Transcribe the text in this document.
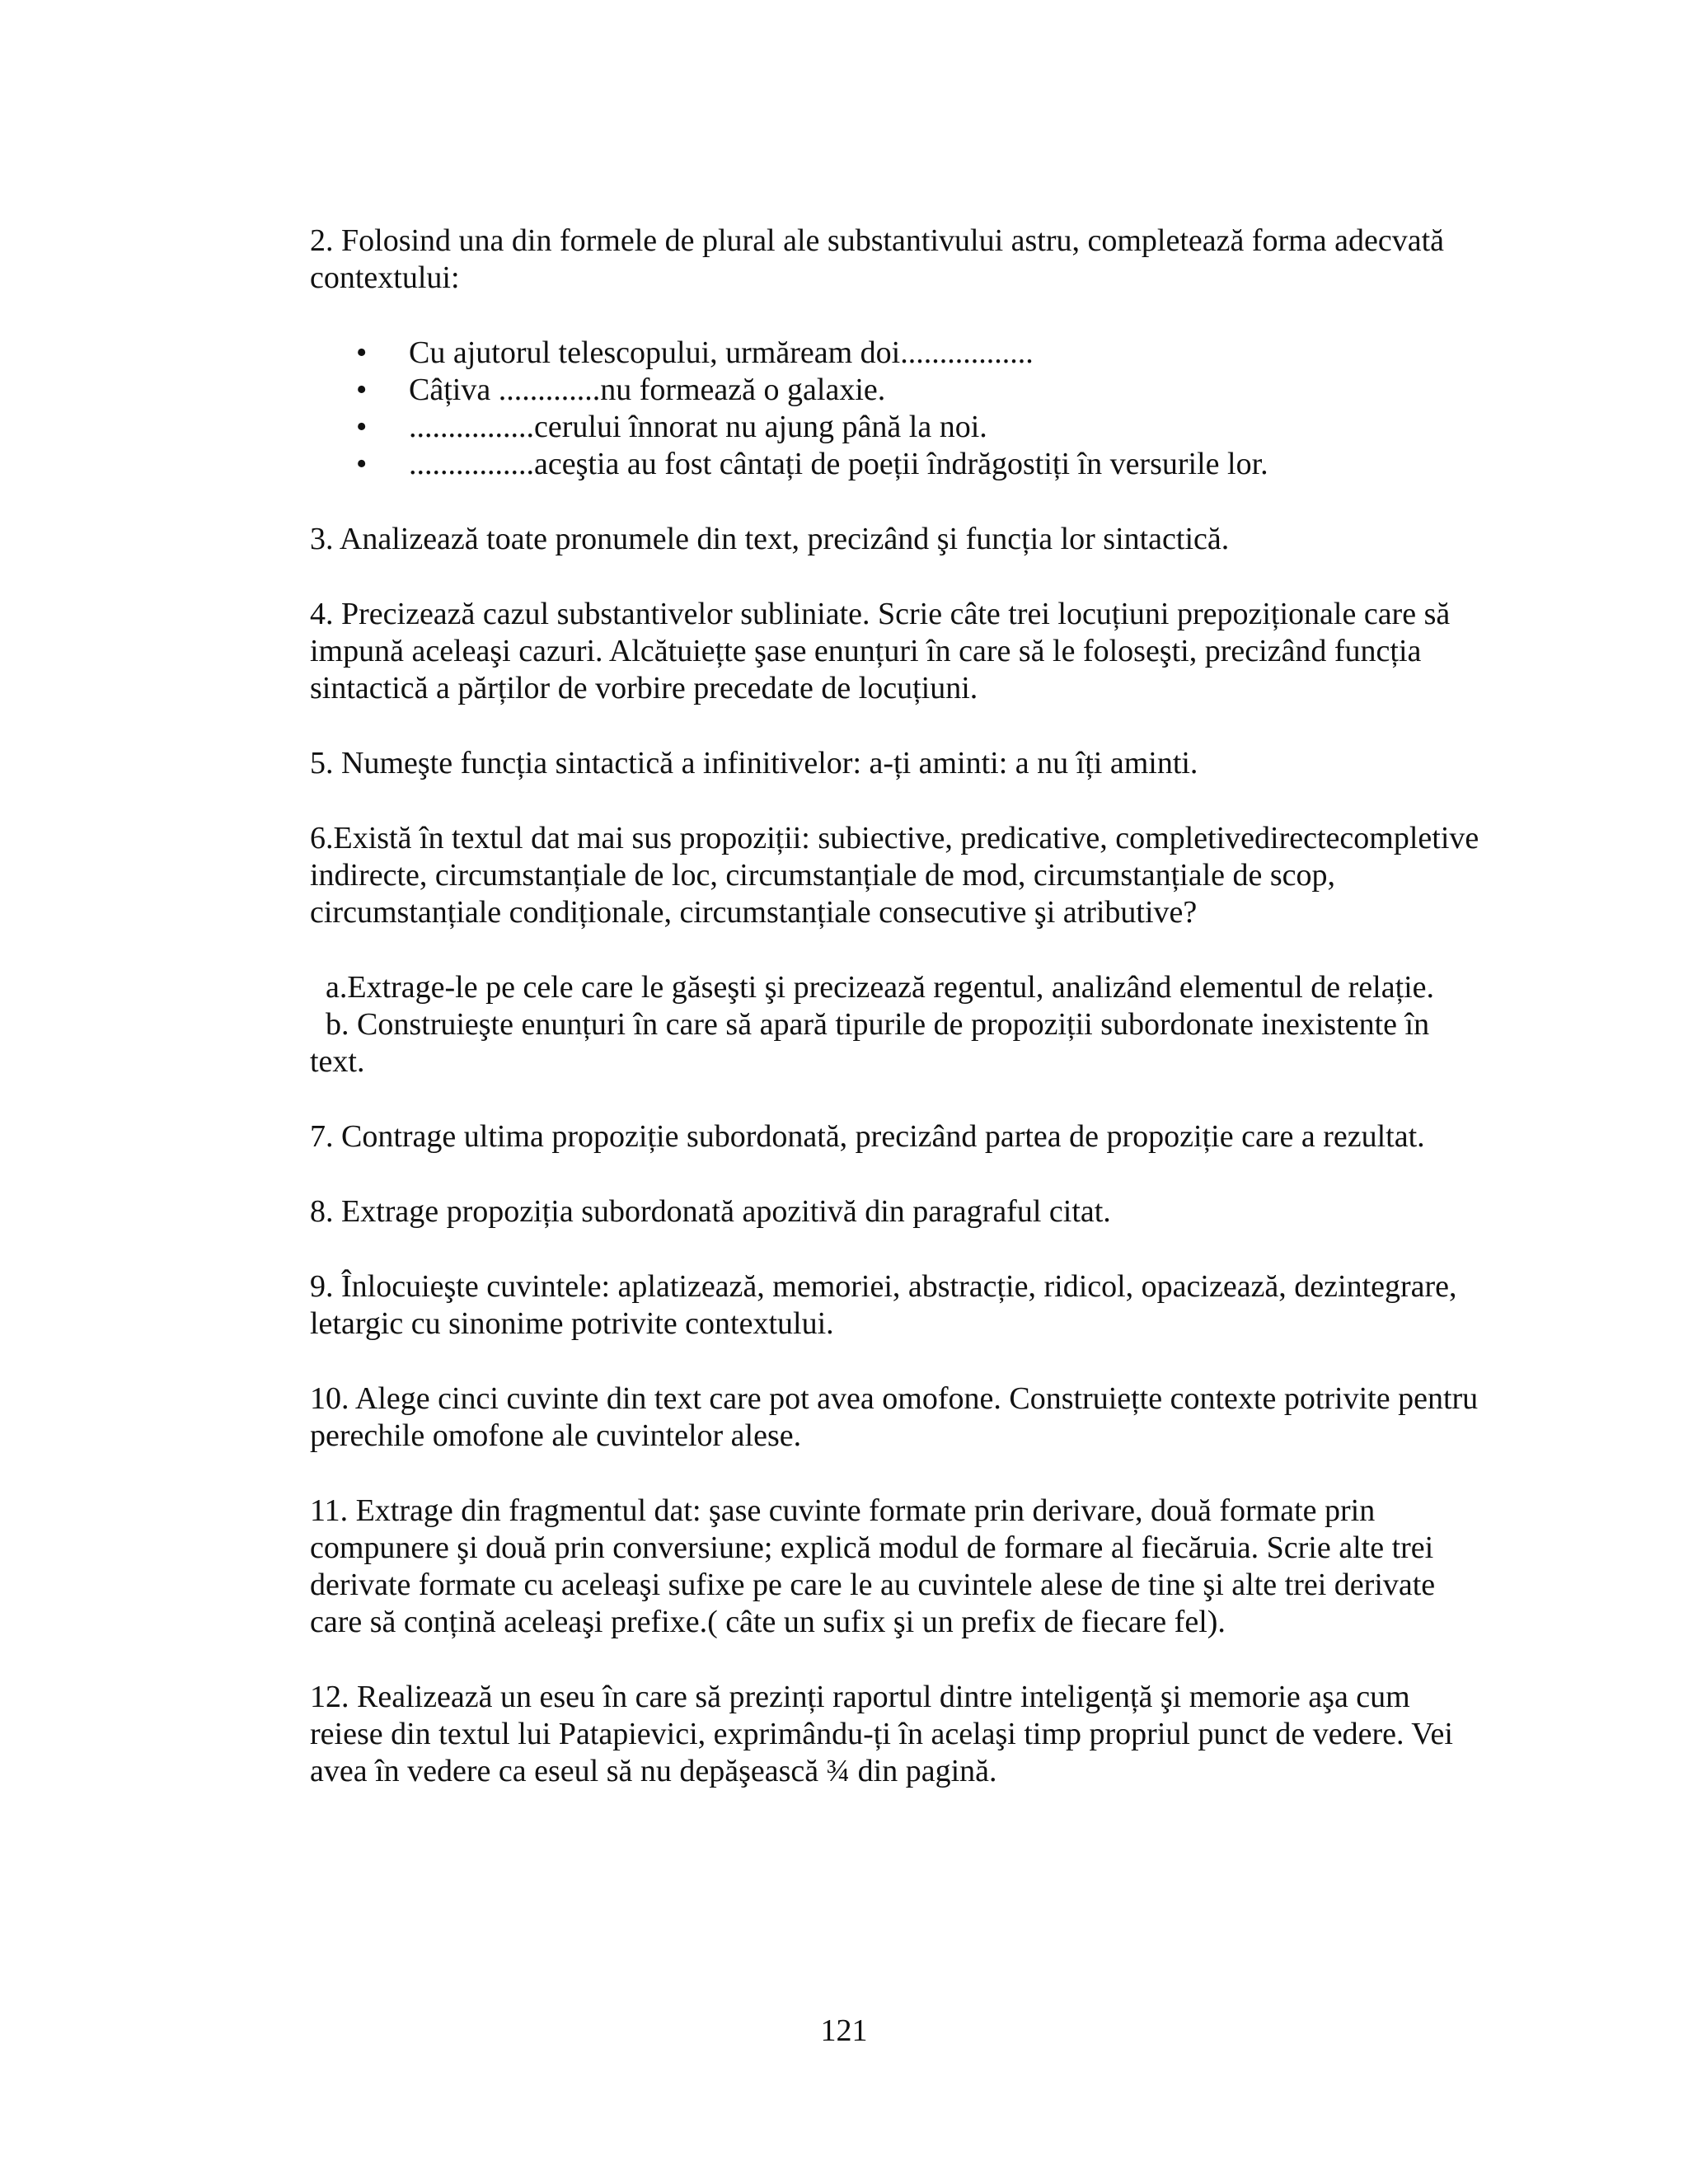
2. Folosind una din formele de plural ale substantivului astru, completează forma adecvată contextului:

• Cu ajutorul telescopului, urmăream doi.................
• Câțiva .............nu formează o galaxie.
• ................cerului înnorat nu ajung până la noi.
• ................aceştia au fost cântați de poeții îndrăgostiți în versurile lor.

3. Analizează toate pronumele din text, precizând şi funcția lor sintactică.

4. Precizează cazul substantivelor subliniate. Scrie câte trei locuțiuni prepoziționale care să impună aceleaşi cazuri. Alcătuiețte şase enunțuri în care să le foloseşti, precizând funcția sintactică a părților de vorbire precedate de locuțiuni.

5. Numeşte funcția sintactică a infinitivelor: a-ți aminti: a nu îți aminti.

6.Există în textul dat mai sus propoziții: subiective, predicative, completivedirectecompletive indirecte, circumstanțiale de loc, circumstanțiale de mod, circumstanțiale de scop, circumstanțiale condiționale, circumstanțiale consecutive şi atributive?

a.Extrage-le pe cele care le găseşti şi precizează regentul, analizând elementul de relație.

b. Construieşte enunțuri în care să apară tipurile de propoziții subordonate inexistente în text.

7. Contrage ultima propoziție subordonată, precizând partea de propoziție care a rezultat.

8. Extrage propoziția subordonată apozitivă din paragraful citat.

9. Înlocuieşte cuvintele: aplatizează, memoriei, abstracție, ridicol, opacizează, dezintegrare, letargic cu sinonime potrivite contextului.

10. Alege cinci cuvinte din text care pot avea omofone. Construiețte contexte potrivite pentru perechile omofone ale cuvintelor alese.

11. Extrage din fragmentul dat: şase cuvinte formate prin derivare, două formate prin compunere şi două prin conversiune; explică modul de formare al fiecăruia. Scrie alte trei derivate formate cu aceleaşi sufixe pe care le au cuvintele alese de tine şi alte trei derivate care să conțină aceleaşi prefixe.( câte un sufix şi un prefix de fiecare fel).

12. Realizează un eseu în care să prezinți raportul dintre inteligență şi memorie aşa cum reiese din textul lui Patapievici, exprimându-ți în acelaşi timp propriul punct de vedere. Vei avea în vedere ca eseul să nu depăşească ¾ din pagină.

121
